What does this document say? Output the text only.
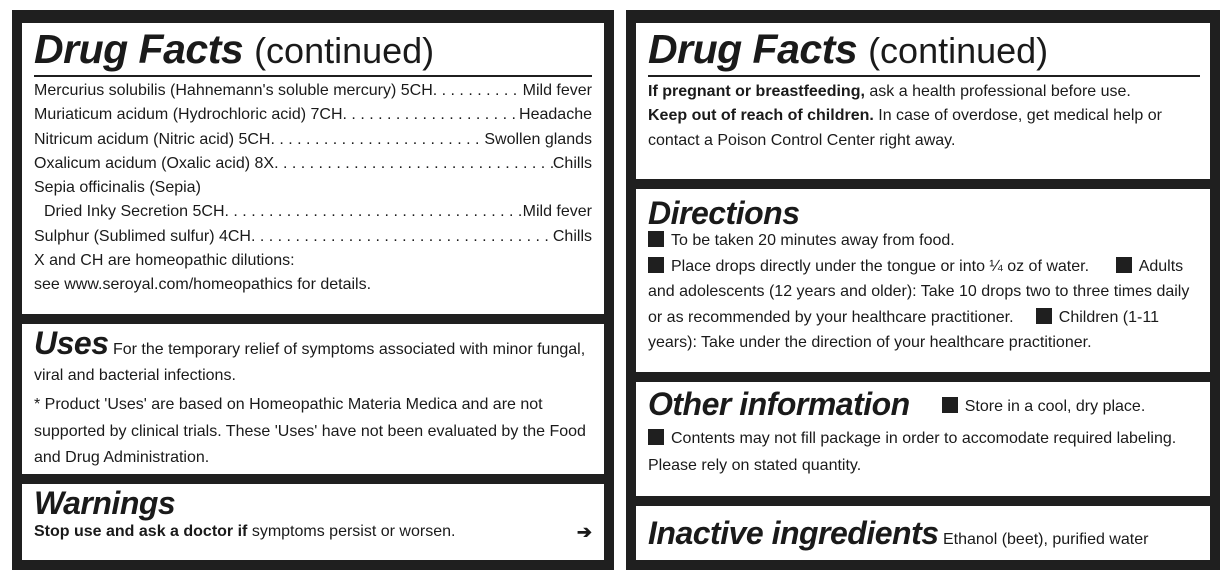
Drug Facts (continued)
Mercurius solubilis (Hahnemann's soluble mercury) 5CH . . .	Mild fever
Muriaticum acidum (Hydrochloric acid) 7CH . . .	Headache
Nitricum acidum (Nitric acid) 5CH . . .	Swollen glands
Oxalicum acidum (Oxalic acid) 8X . . .	Chills
Sepia officinalis (Sepia)
Dried Inky Secretion 5CH . . .	Mild fever
Sulphur (Sublimed sulfur) 4CH . . .	Chills
X and CH are homeopathic dilutions:
see www.seroyal.com/homeopathics for details.
Uses For the temporary relief of symptoms associated with minor fungal, viral and bacterial infections.
* Product 'Uses' are based on Homeopathic Materia Medica and are not supported by clinical trials. These 'Uses' have not been evaluated by the Food and Drug Administration.
Warnings
Stop use and ask a doctor if symptoms persist or worsen.	➔
Drug Facts (continued)
If pregnant or breastfeeding, ask a health professional before use.
Keep out of reach of children. In case of overdose, get medical help or contact a Poison Control Center right away.
Directions
To be taken 20 minutes away from food.
Place drops directly under the tongue or into ¼ oz of water.	Adults and adolescents (12 years and older): Take 10 drops two to three times daily or as recommended by your healthcare practitioner.	Children (1-11 years): Take under the direction of your healthcare practitioner.
Other information	Store in a cool, dry place.
Contents may not fill package in order to accomodate required labeling. Please rely on stated quantity.
Inactive ingredients Ethanol (beet), purified water
